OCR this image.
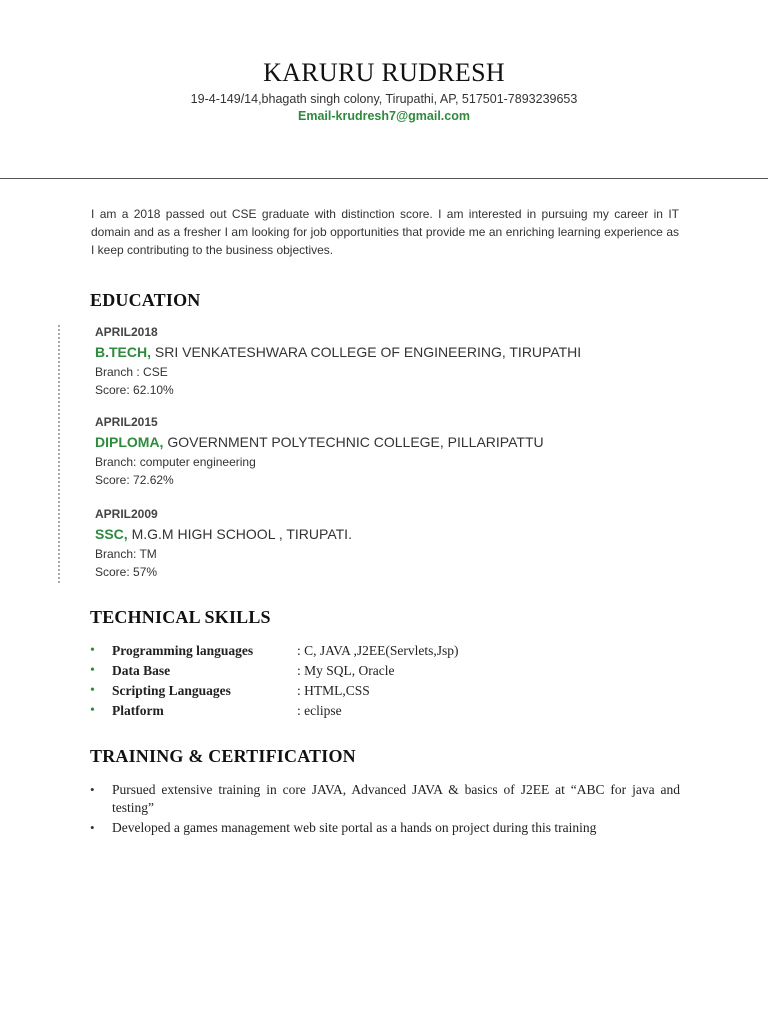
KARURU RUDRESH
19-4-149/14,bhagath singh colony, Tirupathi, AP, 517501-7893239653
Email-krudresh7@gmail.com
I am a 2018 passed out CSE graduate with distinction score. I am interested in pursuing my career in IT domain and as a fresher I am looking for job opportunities that provide me an enriching learning experience as I keep contributing to the business objectives.
EDUCATION
APRIL2018
B.TECH, SRI VENKATESHWARA COLLEGE OF ENGINEERING, TIRUPATHI
Branch : CSE
Score: 62.10%
APRIL2015
DIPLOMA, GOVERNMENT POLYTECHNIC COLLEGE, PILLARIPATTU
Branch: computer engineering
Score: 72.62%
APRIL2009
SSC, M.G.M HIGH SCHOOL , TIRUPATI.
Branch: TM
Score: 57%
TECHNICAL SKILLS
• Programming languages	: C, JAVA ,J2EE(Servlets,Jsp)
• Data Base	: My SQL, Oracle
• Scripting Languages	: HTML,CSS
• Platform	: eclipse
TRAINING & CERTIFICATION
• Pursued extensive training in core JAVA, Advanced JAVA & basics of J2EE at “ABC for java and testing”
• Developed a games management web site portal as a hands on project during this training
